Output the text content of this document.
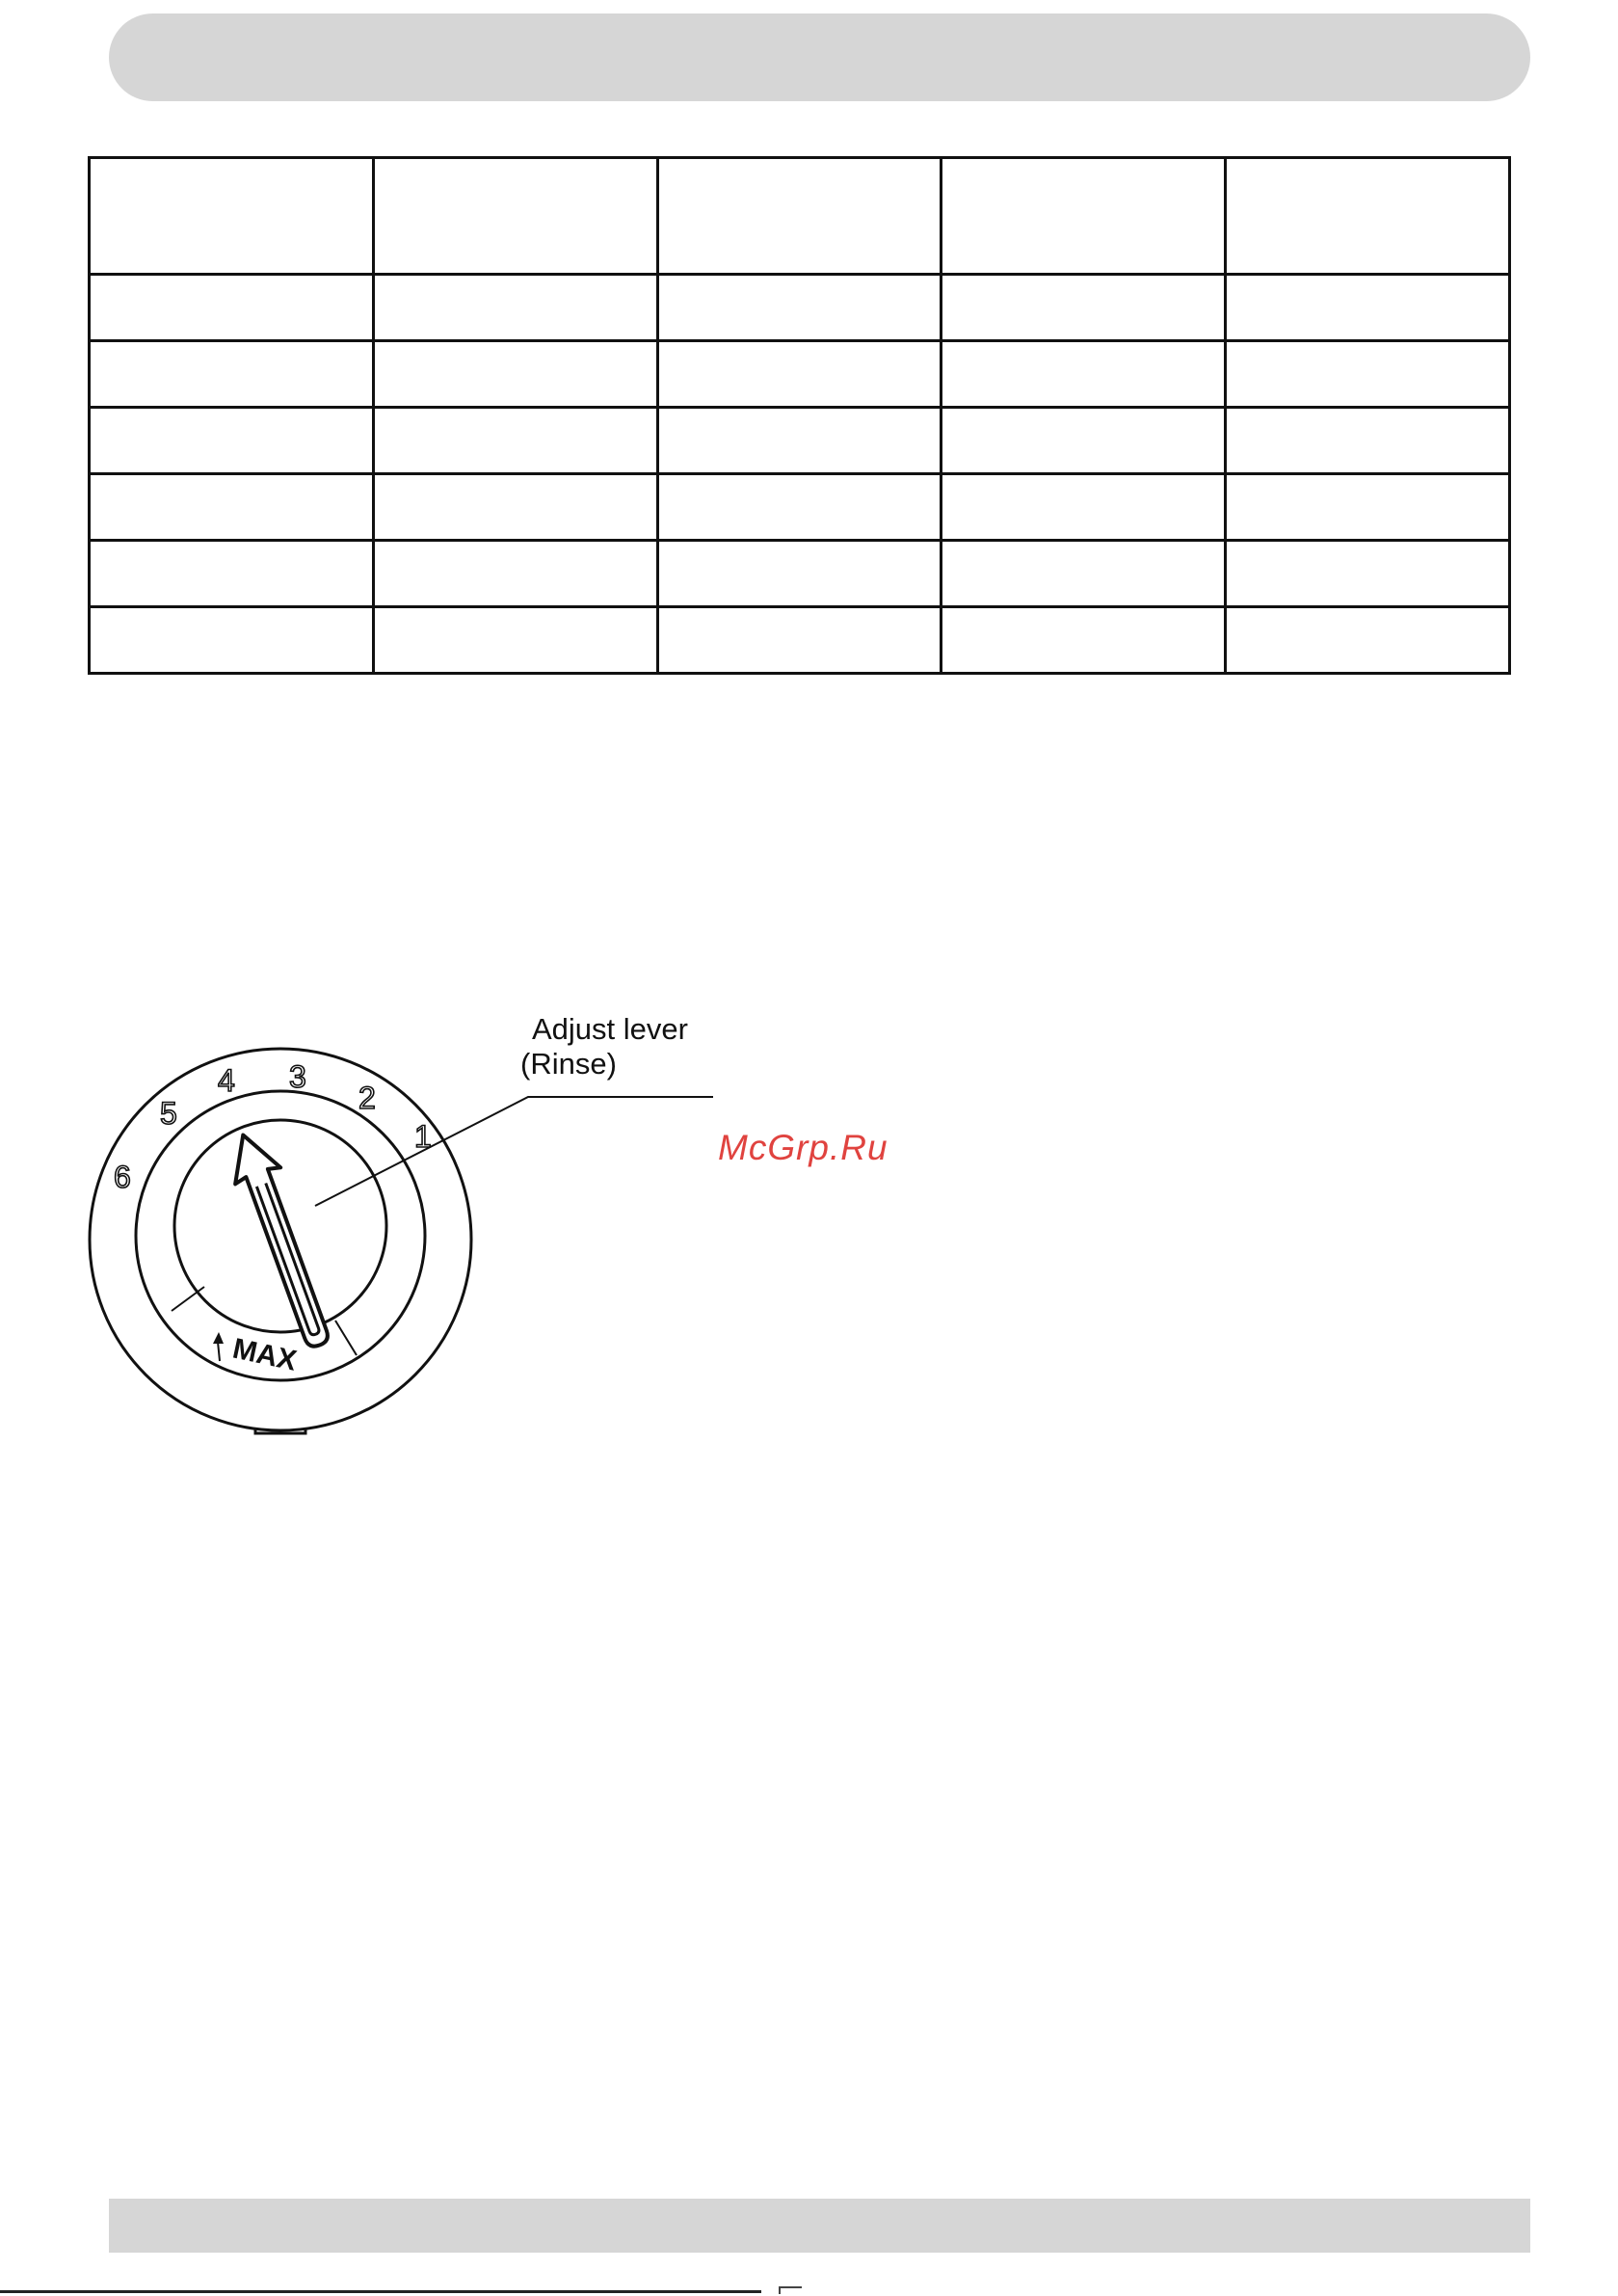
6
5
4 3
2
1
MAX
Adjust lever
(Rinse)
McGrp.Ru
